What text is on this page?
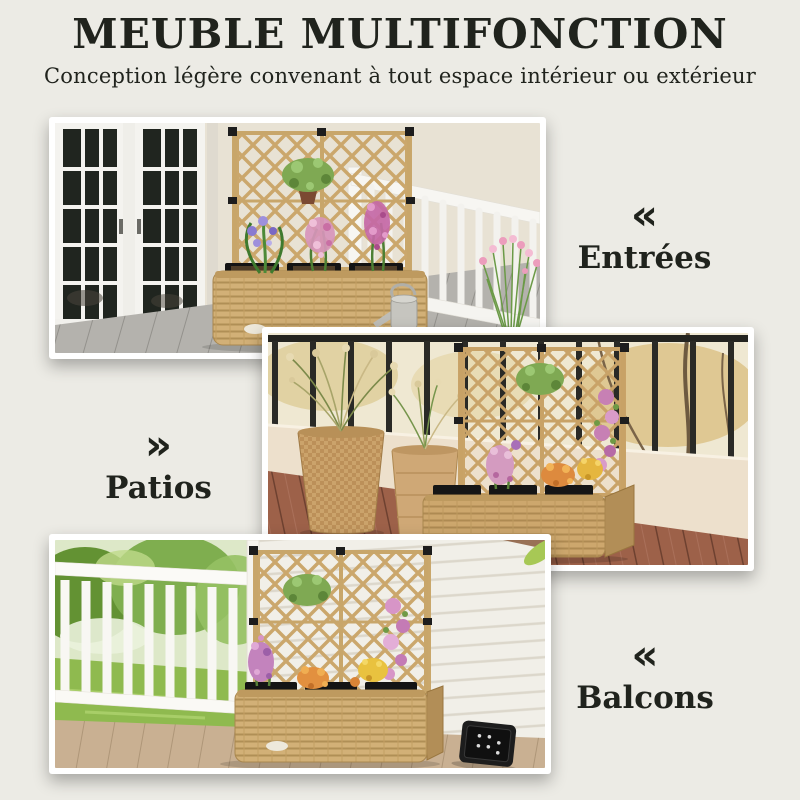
MEUBLE MULTIFONCTION
Conception légère convenant à tout espace intérieur ou extérieur
«
Entrées
»
Patios
«
Balcons
